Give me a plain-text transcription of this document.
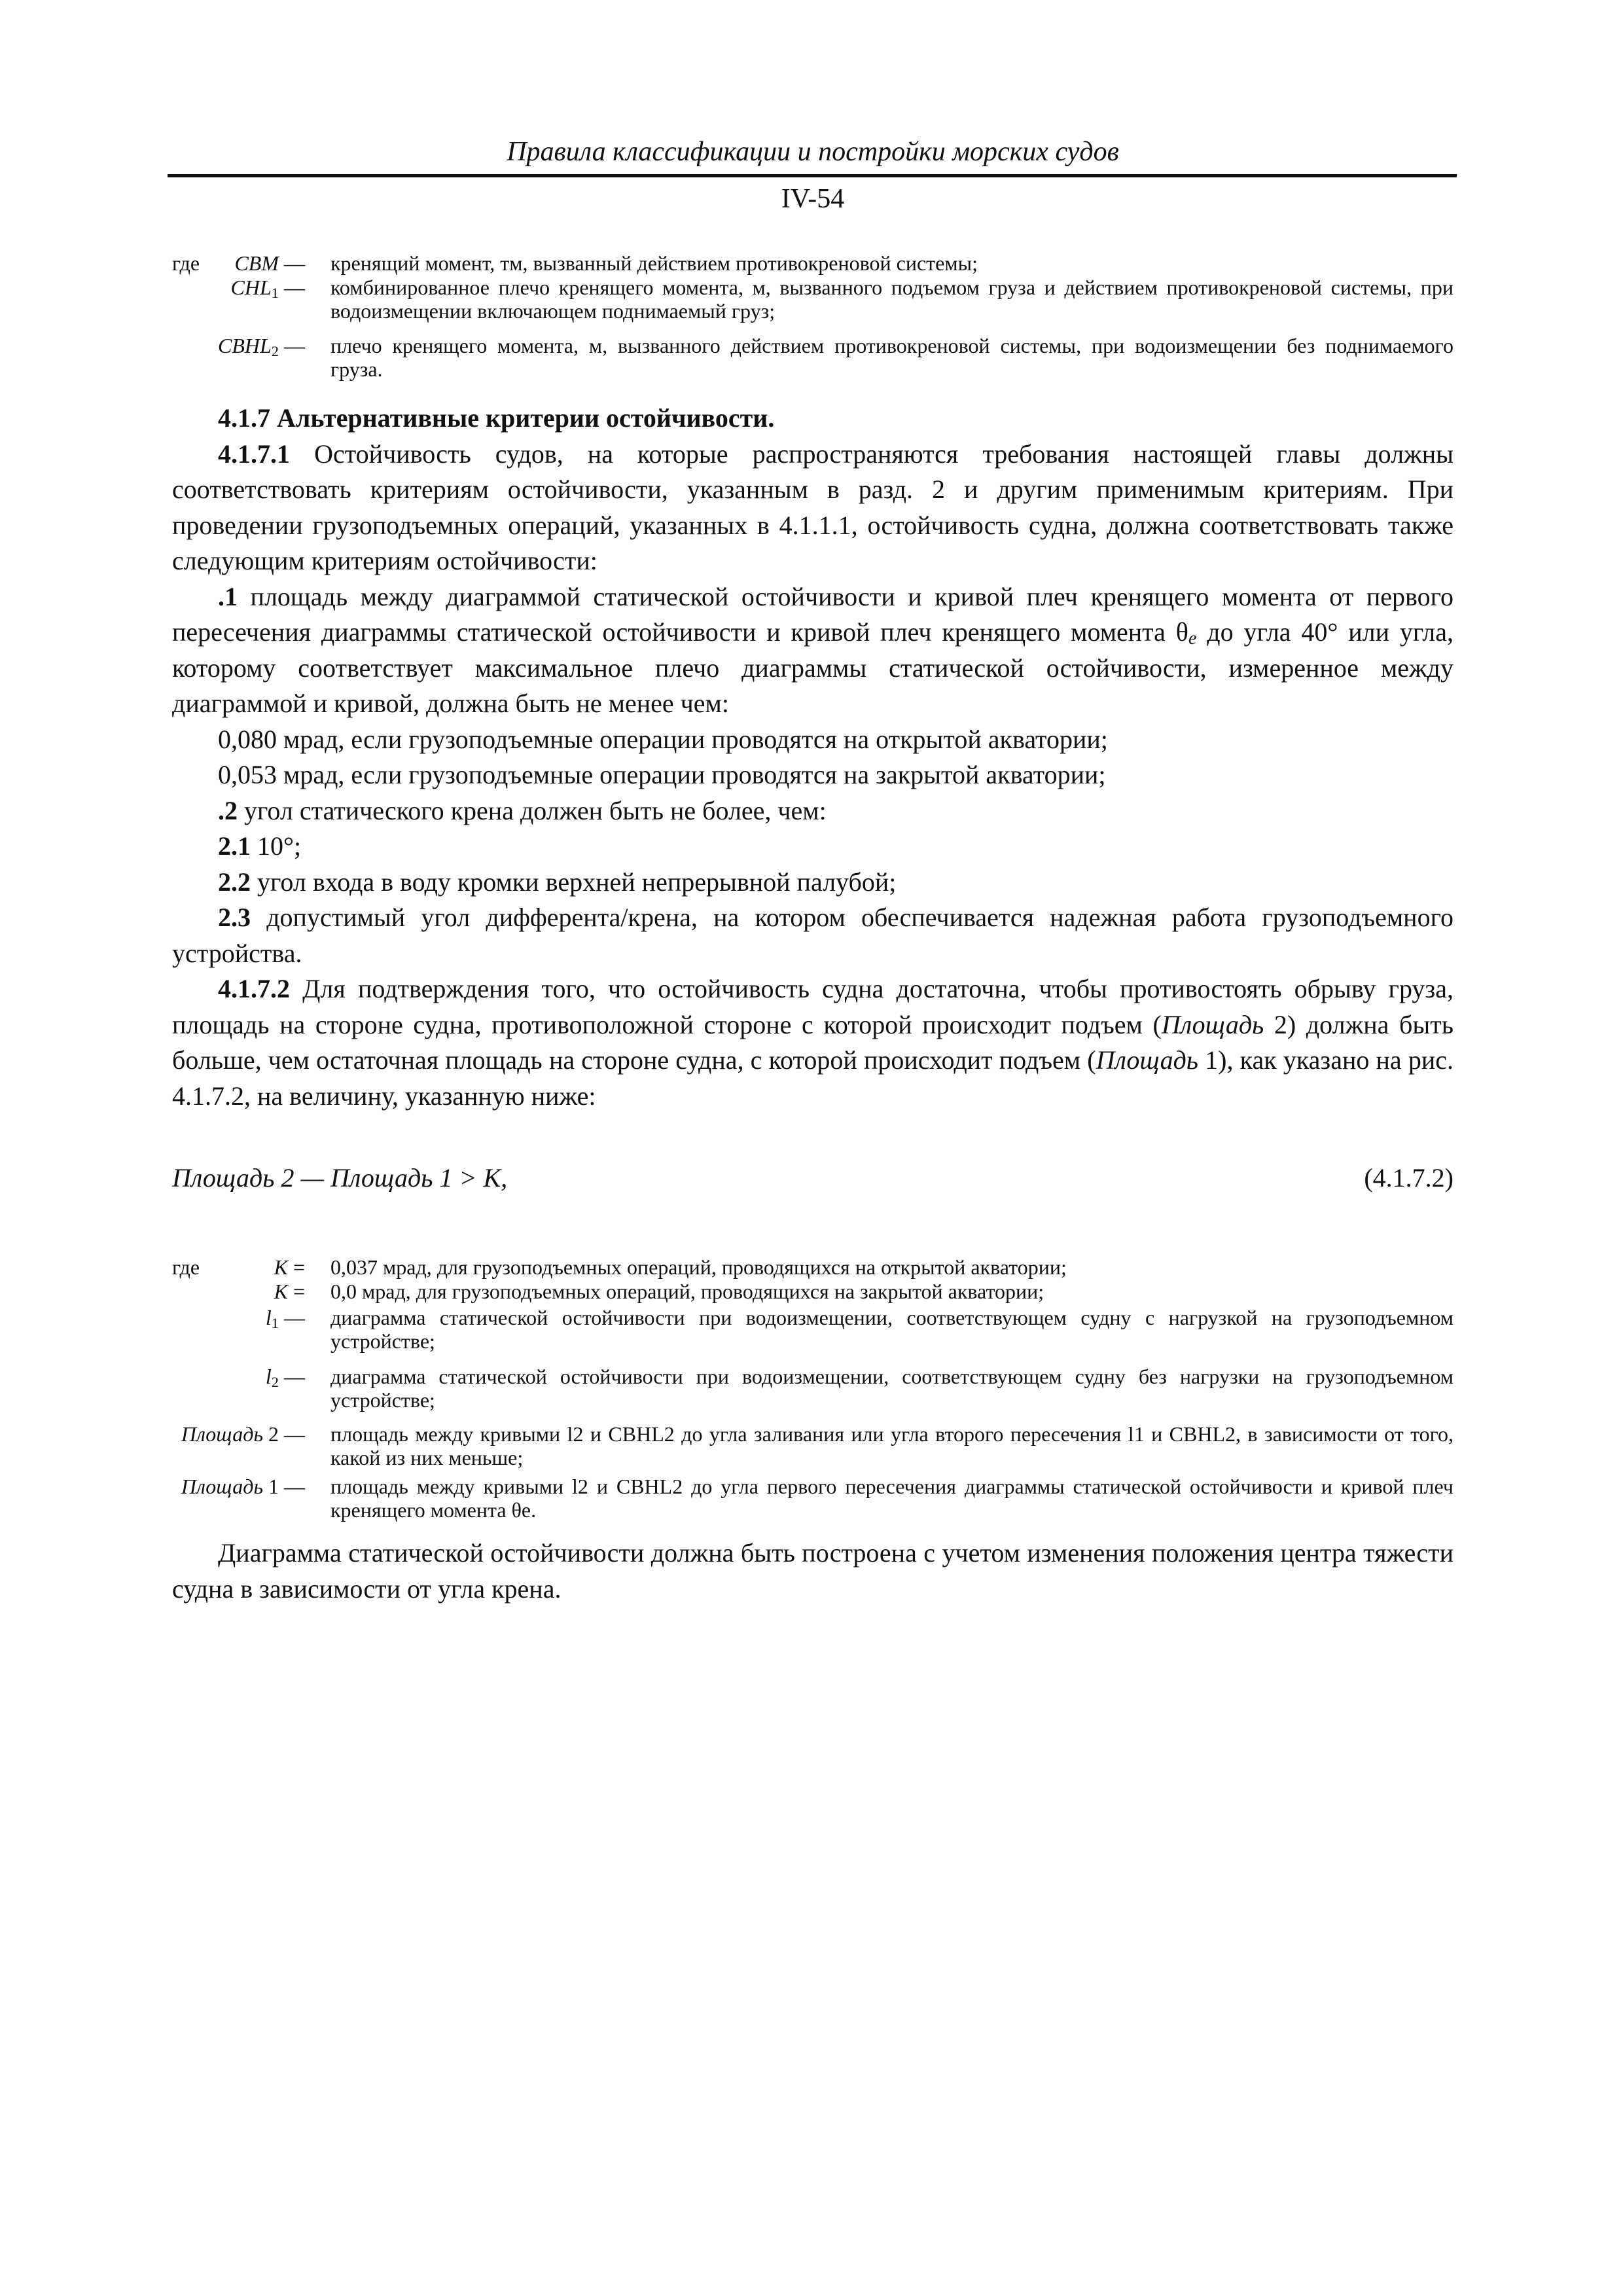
Правила классификации и постройки морских судов
IV-54
где CBM — кренящий момент, тм, вызванный действием противокреновой системы;
$CHL_1$ — комбинированное плечо кренящего момента, м, вызванного подъемом груза и действием противокреновой системы, при водоизмещении включающем поднимаемый груз;
$CBHL_2$ — плечо кренящего момента, м, вызванного действием противокреновой системы, при водоизмещении без поднимаемого груза.

4.1.7 Альтернативные критерии остойчивости.

4.1.7.1 Остойчивость судов, на которые распространяются требования настоящей главы должны соответствовать критериям остойчивости, указанным в разд. 2 и другим применимым критериям. При проведении грузоподъемных операций, указанных в 4.1.1.1, остойчивость судна, должна соответствовать также следующим критериям остойчивости:

.1 площадь между диаграммой статической остойчивости и кривой плеч кренящего момента от первого пересечения диаграммы статической остойчивости и кривой плеч кренящего момента $\theta_e$ до угла 40° или угла, которому соответствует максимальное плечо диаграммы статической остойчивости, измеренное между диаграммой и кривой, должна быть не менее чем:

0,080 мрад, если грузоподъемные операции проводятся на открытой акватории;

0,053 мрад, если грузоподъемные операции проводятся на закрытой акватории;

.2 угол статического крена должен быть не более, чем:

2.1 10°;

2.2 угол входа в воду кромки верхней непрерывной палубой;

2.3 допустимый угол дифферента/крена, на котором обеспечивается надежная работа грузоподъемного устройства.

4.1.7.2 Для подтверждения того, что остойчивость судна достаточна, чтобы противостоять обрыву груза, площадь на стороне судна, противоположной стороне с которой происходит подъем (Площадь 2) должна быть больше, чем остаточная площадь на стороне судна, с которой происходит подъем (Площадь 1), как указано на рис. 4.1.7.2, на величину, указанную ниже:

Площадь 2 — Площадь 1 > K,	(4.1.7.2)
где	K = 0,037 мрад, для грузоподъемных операций, проводящихся на открытой акватории;
K = 0,0 мрад, для грузоподъемных операций, проводящихся на закрытой акватории;
$l_1$ — диаграмма статической остойчивости при водоизмещении, соответствующем судну с нагрузкой на грузоподъемном устройстве;
$l_2$ — диаграмма статической остойчивости при водоизмещении, соответствующем судну без нагрузки на грузоподъемном устройстве;
Площадь 2 — площадь между кривыми l2 и CBHL2 до угла заливания или угла второго пересечения l1 и CBHL2, в зависимости от того, какой из них меньше;
Площадь 1 — площадь между кривыми l2 и CBHL2 до угла первого пересечения диаграммы статической остойчивости и кривой плеч кренящего момента θe.

Диаграмма статической остойчивости должна быть построена с учетом изменения положения центра тяжести судна в зависимости от угла крена.
